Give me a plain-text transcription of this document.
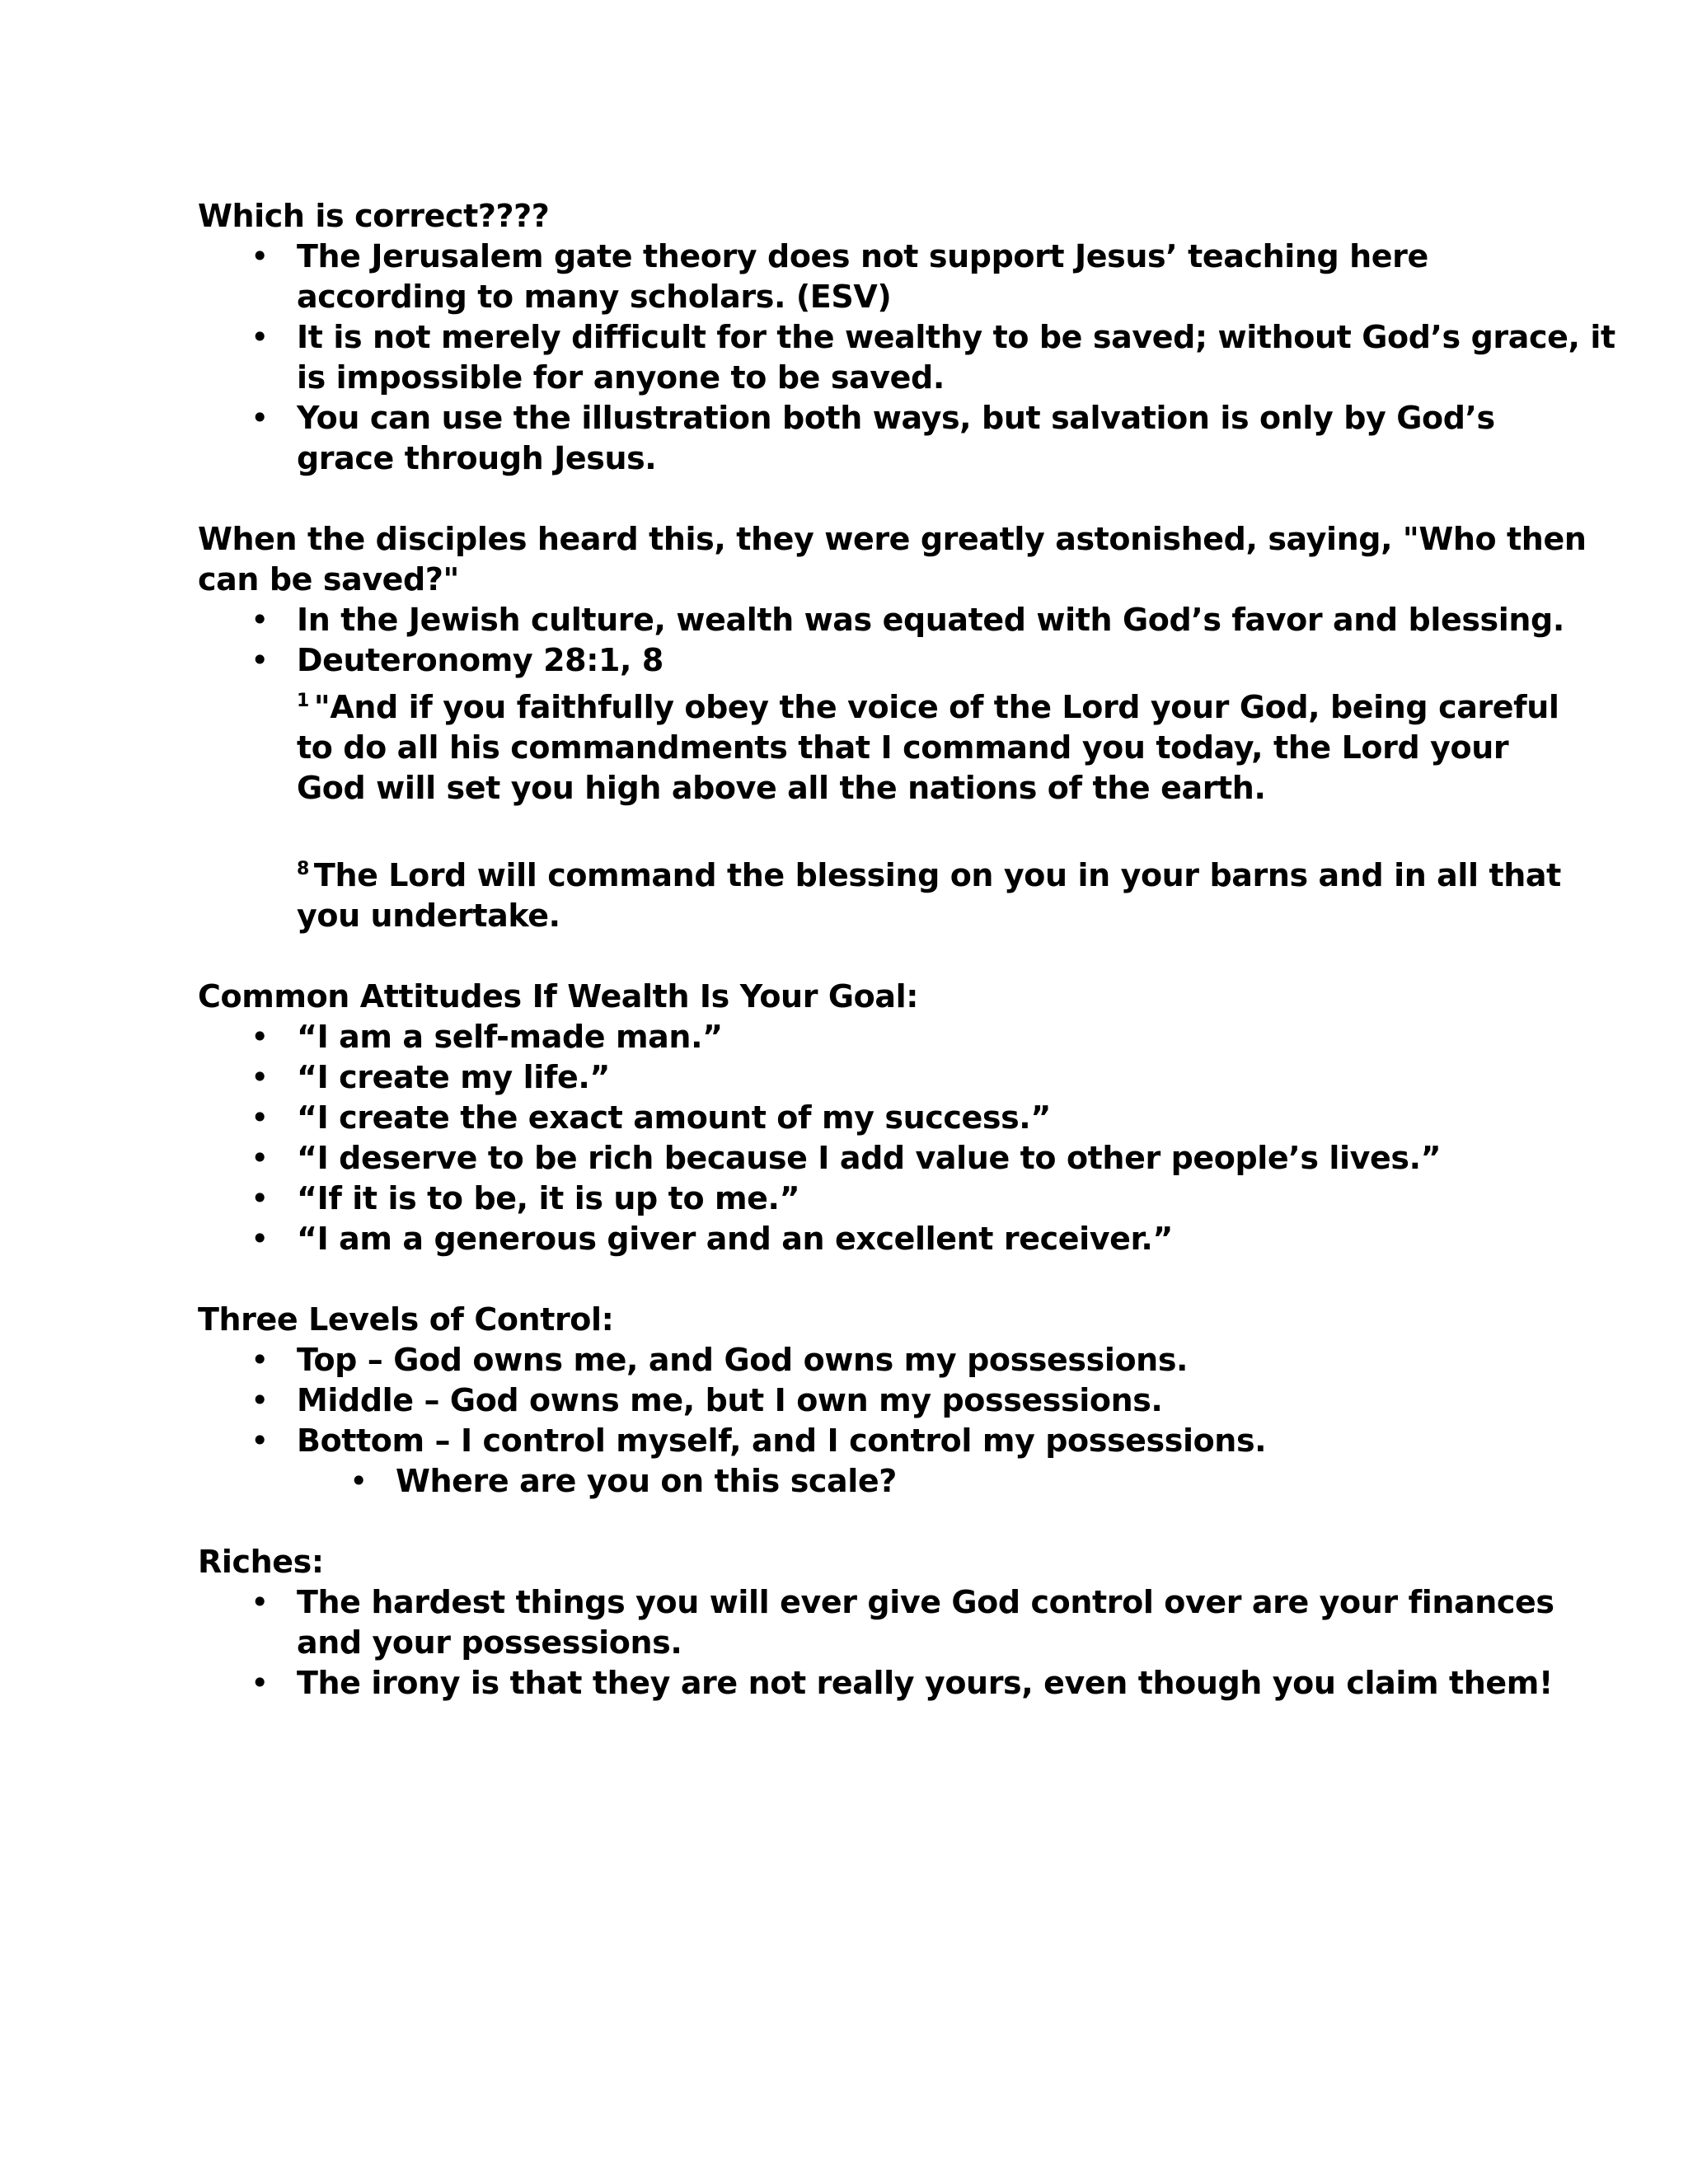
Which is correct????
• The Jerusalem gate theory does not support Jesus’ teaching here
according to many scholars. (ESV)
• It is not merely difficult for the wealthy to be saved; without God’s grace, it
is impossible for anyone to be saved.
• You can use the illustration both ways, but salvation is only by God’s
grace through Jesus.
When the disciples heard this, they were greatly astonished, saying, "Who then
can be saved?"
• In the Jewish culture, wealth was equated with God’s favor and blessing.
• Deuteronomy 28:1, 8
$^1$ "And if you faithfully obey the voice of the Lord your God, being careful
to do all his commandments that I command you today, the Lord your
God will set you high above all the nations of the earth.
$^8$ The Lord will command the blessing on you in your barns and in all that
you undertake.
Common Attitudes If Wealth Is Your Goal:
• “I am a self-made man.”
• “I create my life.”
• “I create the exact amount of my success.”
• “I deserve to be rich because I add value to other people’s lives.”
• “If it is to be, it is up to me.”
• “I am a generous giver and an excellent receiver.”
Three Levels of Control:
• Top – God owns me, and God owns my possessions.
• Middle – God owns me, but I own my possessions.
• Bottom – I control myself, and I control my possessions.
• Where are you on this scale?
Riches:
• The hardest things you will ever give God control over are your finances
and your possessions.
• The irony is that they are not really yours, even though you claim them!
